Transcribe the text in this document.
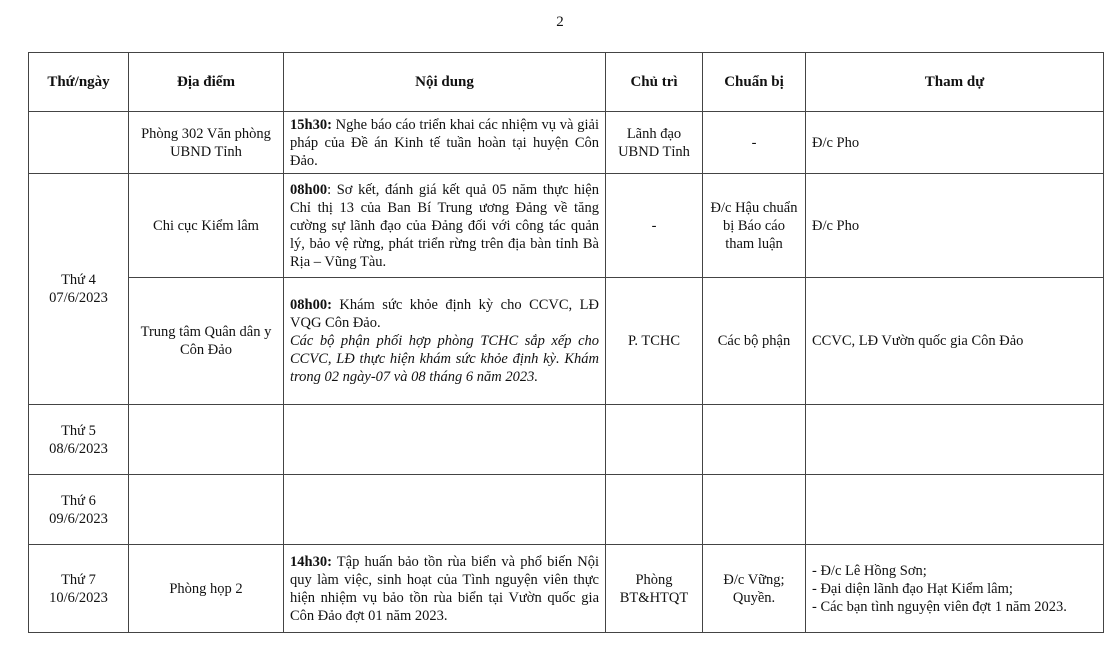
2
Thứ/ngày	Địa điểm	Nội dung	Chủ trì	Chuẩn bị	Tham dự
	Phòng 302 Văn phòng UBND Tỉnh	15h30: Nghe báo cáo triển khai các nhiệm vụ và giải pháp của Đề án Kinh tế tuần hoàn tại huyện Côn Đảo.	Lãnh đạo UBND Tỉnh	-	Đ/c Pho

Thứ 4
07/6/2023	Chi cục Kiểm lâm	08h00: Sơ kết, đánh giá kết quả 05 năm thực hiện Chỉ thị 13 của Ban Bí Trung ương Đảng về tăng cường sự lãnh đạo của Đảng đối với công tác quản lý, bảo vệ rừng, phát triển rừng trên địa bàn tỉnh Bà Rịa – Vũng Tàu.	-	Đ/c Hậu chuẩn bị Báo cáo tham luận	Đ/c Pho
	Trung tâm Quân dân y Côn Đảo	08h00: Khám sức khỏe định kỳ cho CCVC, LĐ VQG Côn Đảo.
Các bộ phận phối hợp phòng TCHC sắp xếp cho CCVC, LĐ thực hiện khám sức khỏe định kỳ. Khám trong 02 ngày-07 và 08 tháng 6 năm 2023.	P. TCHC	Các bộ phận	CCVC, LĐ Vườn quốc gia Côn Đảo

Thứ 5
08/6/2023					

Thứ 6
09/6/2023					

Thứ 7
10/6/2023	Phòng họp 2	14h30: Tập huấn bảo tồn rùa biển và phổ biến Nội quy làm việc, sinh hoạt của Tình nguyện viên thực hiện nhiệm vụ bảo tồn rùa biển tại Vườn quốc gia Côn Đảo đợt 01 năm 2023.	Phòng BT&HTQT	Đ/c Vững; Quyền.	- Đ/c Lê Hồng Sơn;
- Đại diện lãnh đạo Hạt Kiểm lâm;
- Các bạn tình nguyện viên đợt 1 năm 2023.
